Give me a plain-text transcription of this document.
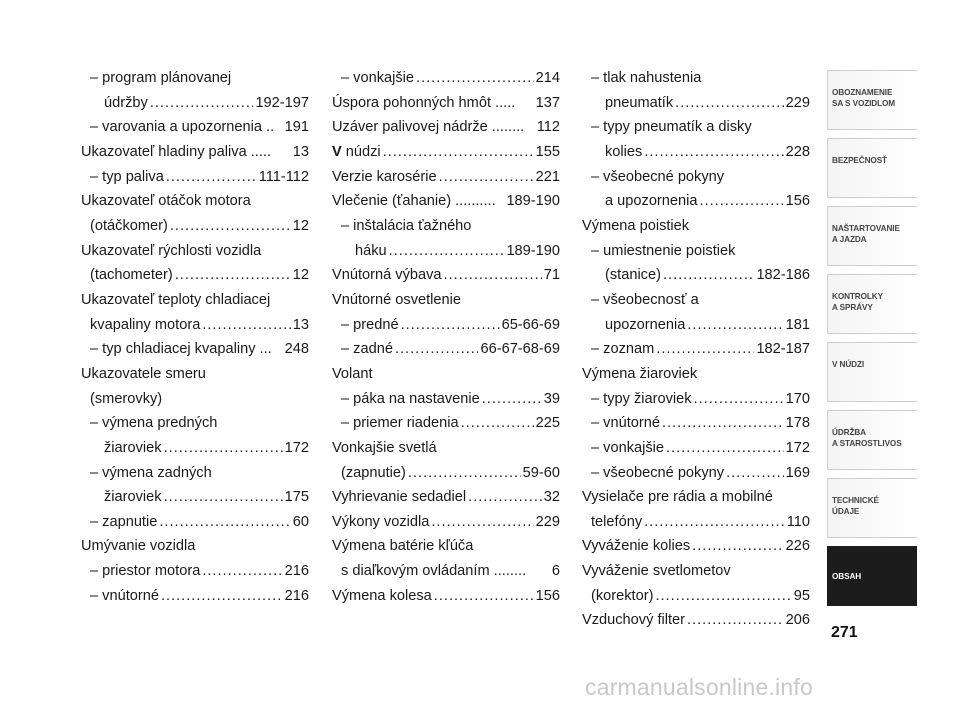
– program plánovanej
údržby .....	192-197
– varovania a upozornenia .. 191
Ukazovateľ hladiny paliva ..... 13
– typ paliva .....	111-112
Ukazovateľ otáčok motora
(otáčkomer) .....	12
Ukazovateľ rýchlosti vozidla
(tachometer) .....	12
Ukazovateľ teploty chladiacej
kvapaliny motora .....	13
– typ chladiacej kvapaliny ... 248
Ukazovatele smeru
(smerovky)
– výmena predných
žiaroviek .....	172
– výmena zadných
žiaroviek .....	175
– zapnutie .....	60
Umývanie vozidla
– priestor motora .....	216
– vnútorné .....	216
– vonkajšie .....	214
Úspora pohonných hmôt ..... 137
Uzáver palivovej nádrže ........ 112
V núdzi .....	155
Verzie karosérie .....	221
Vlečenie (ťahanie) .......... 189-190
– inštalácia ťažného
háku .....	189-190
Vnútorná výbava .....	71
Vnútorné osvetlenie
– predné .....	65-66-69
– zadné .....	66-67-68-69
Volant
– páka na nastavenie .....	39
– priemer riadenia .....	225
Vonkajšie svetlá
(zapnutie) .....	59-60
Vyhrievanie sedadiel .....	32
Výkony vozidla .....	229
Výmena batérie kľúča
s diaľkovým ovládaním ........ 6
Výmena kolesa .....	156
– tlak nahustenia
pneumatík .....	229
– typy pneumatík a disky
kolies .....	228
– všeobecné pokyny
a upozornenia .....	156
Výmena poistiek
– umiestnenie poistiek
(stanice) .....	182-186
– všeobecnosť a
upozornenia .....	181
– zoznam .....	182-187
Výmena žiaroviek
– typy žiaroviek .....	170
– vnútorné .....	178
– vonkajšie .....	172
– všeobecné pokyny .....	169
Vysielače pre rádia a mobilné
telefóny .....	110
Vyváženie kolies .....	226
Vyváženie svetlometov
(korektor) .....	95
Vzduchový filter .....	206
OBOZNAMENIE
SA S VOZIDLOM
BEZPEČNOSŤ
NAŠTARTOVANIE
A JAZDA
KONTROLKY
A SPRÁVY
V NÚDZI
ÚDRŽBA
A STAROSTLIVOS
TECHNICKÉ
ÚDAJE
OBSAH
271
carmanualsonline.info
